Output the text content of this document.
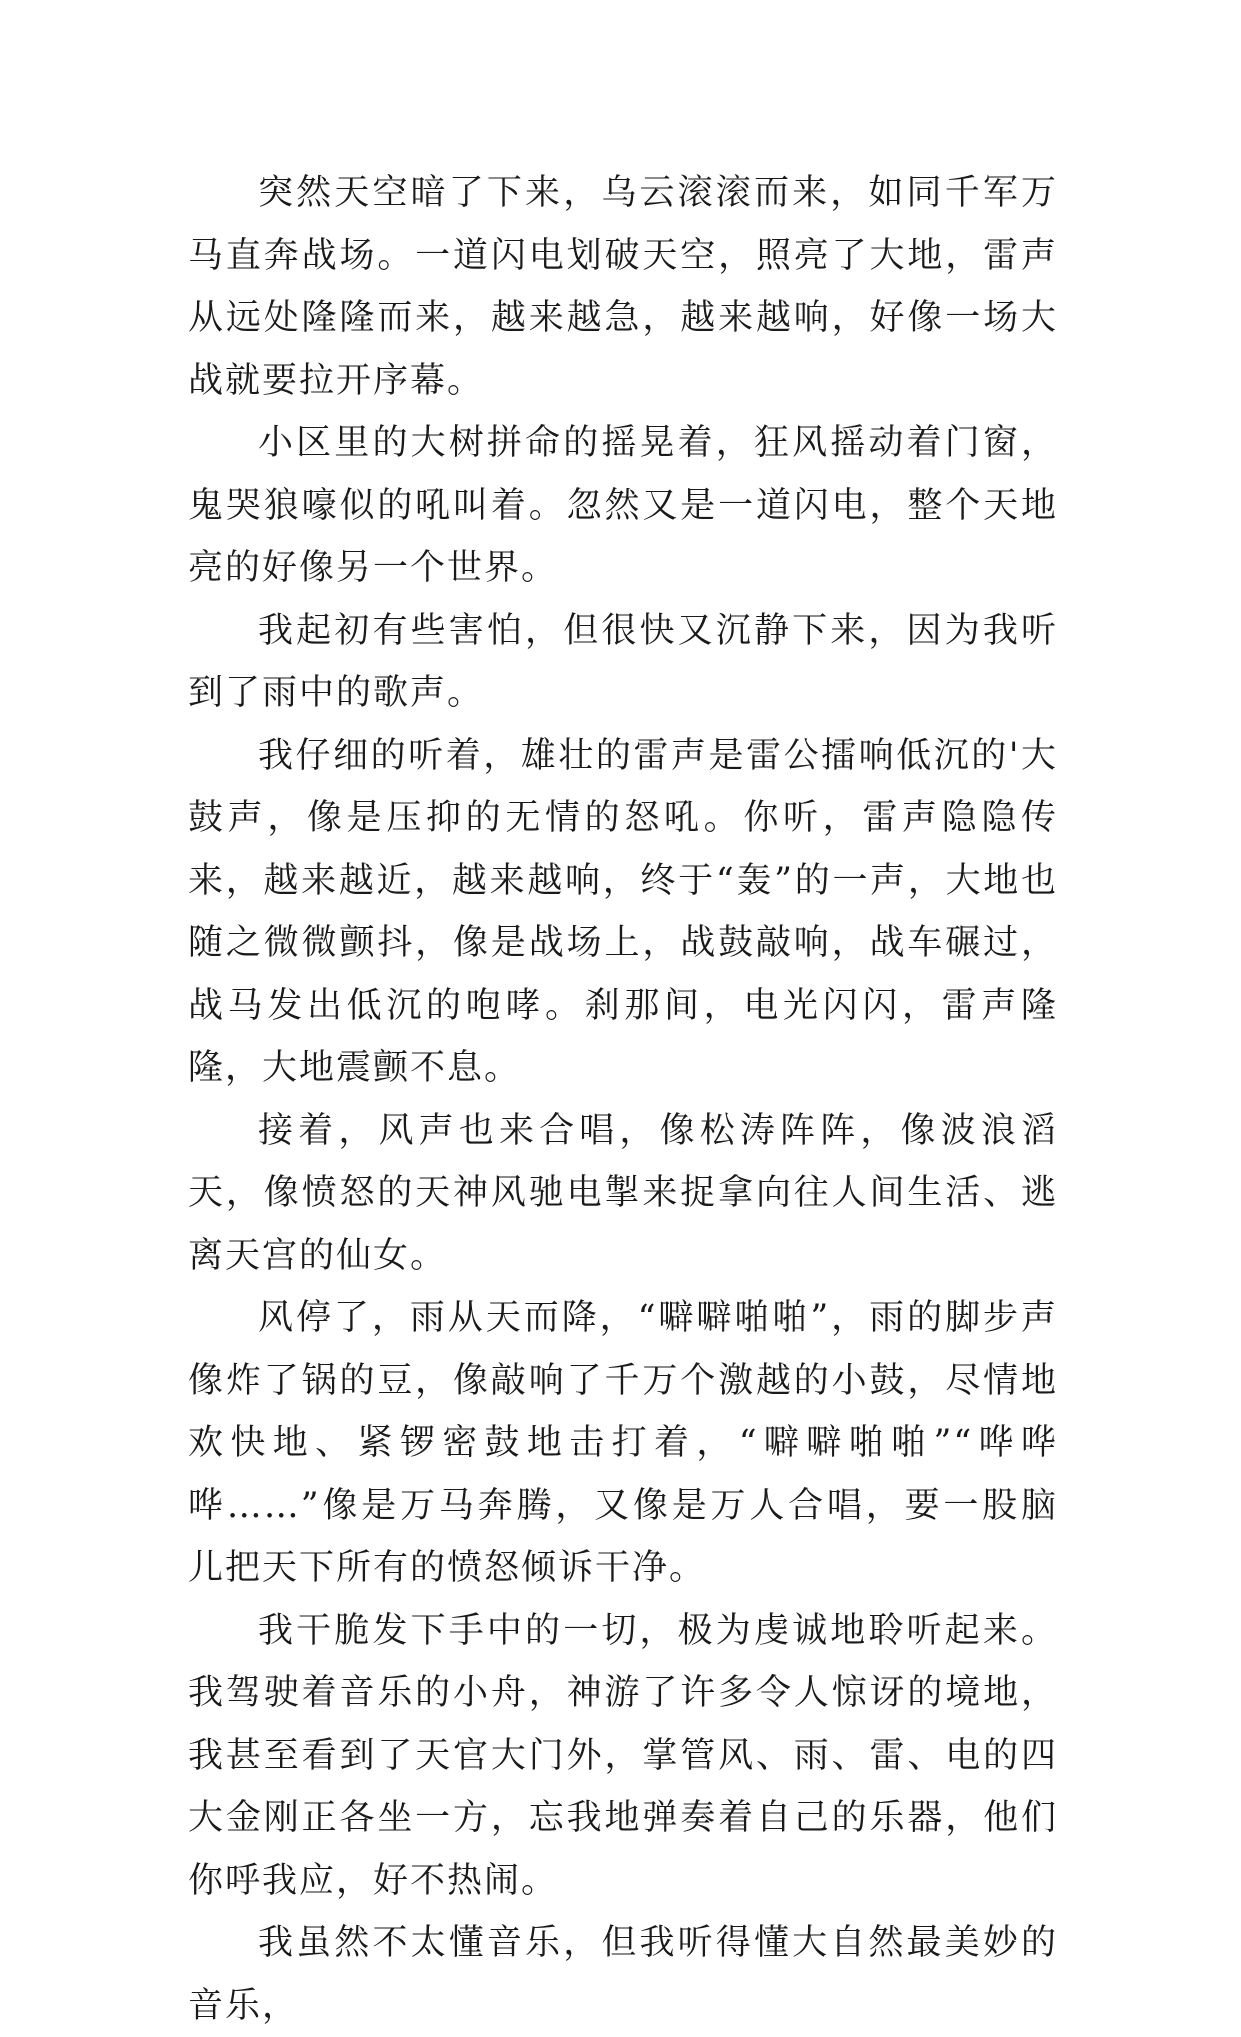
突然天空暗了下来，乌云滚滚而来，如同千军万马直奔战场。一道闪电划破天空，照亮了大地，雷声从远处隆隆而来，越来越急，越来越响，好像一场大战就要拉开序幕。

小区里的大树拼命的摇晃着，狂风摇动着门窗，鬼哭狼嚎似的吼叫着。忽然又是一道闪电，整个天地亮的好像另一个世界。

我起初有些害怕，但很快又沉静下来，因为我听到了雨中的歌声。

我仔细的听着，雄壮的雷声是雷公擂响低沉的'大鼓声，像是压抑的无情的怒吼。你听，雷声隐隐传来，越来越近，越来越响，终于“轰”的一声，大地也随之微微颤抖，像是战场上，战鼓敲响，战车碾过，战马发出低沉的咆哮。刹那间，电光闪闪，雷声隆隆，大地震颤不息。

接着，风声也来合唱，像松涛阵阵，像波浪滔天，像愤怒的天神风驰电掣来捉拿向往人间生活、逃离天宫的仙女。

风停了，雨从天而降，“噼噼啪啪”，雨的脚步声像炸了锅的豆，像敲响了千万个激越的小鼓，尽情地欢快地、紧锣密鼓地击打着，“噼噼啪啪”“哗哗哗……”像是万马奔腾，又像是万人合唱，要一股脑儿把天下所有的愤怒倾诉干净。

我干脆发下手中的一切，极为虔诚地聆听起来。我驾驶着音乐的小舟，神游了许多令人惊讶的境地，我甚至看到了天官大门外，掌管风、雨、雷、电的四大金刚正各坐一方，忘我地弹奏着自己的乐器，他们你呼我应，好不热闹。

我虽然不太懂音乐，但我听得懂大自然最美妙的音乐，
